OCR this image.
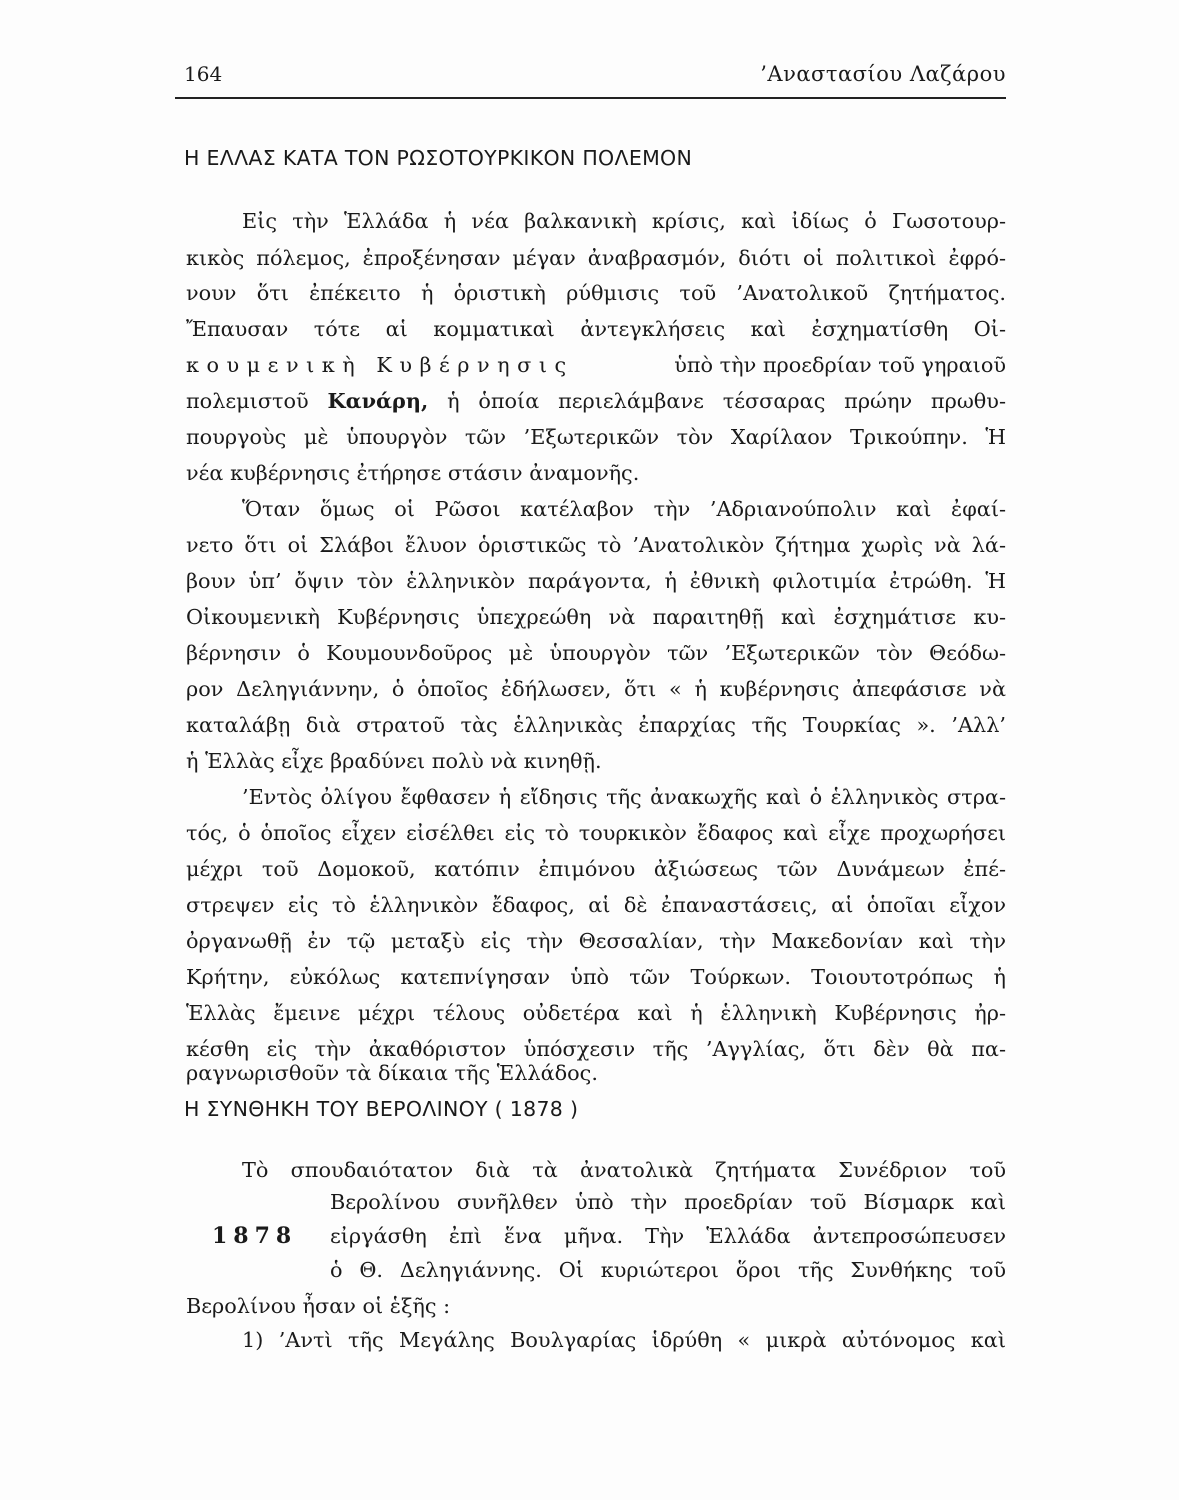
164	’Αναστασίου Λαζάρου
Η ΕΛΛΑΣ ΚΑΤΑ ΤΟΝ ΡΩΣΟΤΟΥΡΚΙΚΟΝ ΠΟΛΕΜΟΝ
Εἰς τὴν Ἑλλάδα ἡ νέα βαλκανικὴ κρίσις, καὶ ἰδίως ὁ Γωσοτουρ-
κικὸς πόλεμος, ἐπροξένησαν μέγαν ἀναβρασμόν, διότι οἱ πολιτικοὶ ἐφρό-
νουν ὅτι ἐπέκειτο ἡ ὁριστικὴ ρύθμισις τοῦ ’Ανατολικοῦ ζητήματος.
Ἔπαυσαν τότε αἱ κομματικαὶ ἀντεγκλήσεις καὶ ἐσχηματίσθη Οἰ-
κουμενικὴ Κυβέρνησις	ὑπὸ τὴν προεδρίαν τοῦ γηραιοῦ
πολεμιστοῦ Κανάρη, ἡ ὁποία περιελάμβανε τέσσαρας πρώην πρωθυ-
πουργοὺς μὲ ὑπουργὸν τῶν ’Εξωτερικῶν τὸν Χαρίλαον Τρικούπην. Ἡ
νέα κυβέρνησις ἐτήρησε στάσιν ἀναμονῆς.
Ὅταν ὅμως οἱ Ρῶσοι κατέλαβον τὴν ’Αδριανούπολιν καὶ ἐφαί-
νετο ὅτι οἱ Σλάβοι ἔλυον ὁριστικῶς τὸ ’Ανατολικὸν ζήτημα χωρὶς νὰ λά-
βουν ὑπ’ ὄψιν τὸν ἑλληνικὸν παράγοντα, ἡ ἐθνικὴ φιλοτιμία ἐτρώθη. Ἡ
Οἰκουμενικὴ Κυβέρνησις ὑπεχρεώθη νὰ παραιτηθῇ καὶ ἐσχημάτισε κυ-
βέρνησιν ὁ Κουμουνδοῦρος μὲ ὑπουργὸν τῶν ’Εξωτερικῶν τὸν Θεόδω-
ρον Δεληγιάννην, ὁ ὁποῖος ἐδήλωσεν, ὅτι « ἡ κυβέρνησις ἀπεφάσισε νὰ
καταλάβῃ διὰ στρατοῦ τὰς ἑλληνικὰς ἐπαρχίας τῆς Τουρκίας ». ’Αλλ’
ἡ Ἑλλὰς εἶχε βραδύνει πολὺ νὰ κινηθῇ.
’Εντὸς ὀλίγου ἔφθασεν ἡ εἴδησις τῆς ἀνακωχῆς καὶ ὁ ἑλληνικὸς στρα-
τός, ὁ ὁποῖος εἶχεν εἰσέλθει εἰς τὸ τουρκικὸν ἔδαφος καὶ εἶχε προχωρήσει
μέχρι τοῦ Δομοκοῦ, κατόπιν ἐπιμόνου ἀξιώσεως τῶν Δυνάμεων ἐπέ-
στρεψεν εἰς τὸ ἑλληνικὸν ἔδαφος, αἱ δὲ ἐπαναστάσεις, αἱ ὁποῖαι εἶχον
ὀργανωθῇ ἐν τῷ μεταξὺ εἰς τὴν Θεσσαλίαν, τὴν Μακεδονίαν καὶ τὴν
Κρήτην, εὐκόλως κατεπνίγησαν ὑπὸ τῶν Τούρκων. Τοιουτοτρόπως ἡ
Ἑλλὰς ἔμεινε μέχρι τέλους οὐδετέρα καὶ ἡ ἑλληνικὴ Κυβέρνησις ἠρ-
κέσθη εἰς τὴν ἀκαθόριστον ὑπόσχεσιν τῆς ’Αγγλίας, ὅτι δὲν θὰ πα-
ραγνωρισθοῦν τὰ δίκαια τῆς Ἑλλάδος.
Η ΣΥΝΘΗΚΗ ΤΟΥ ΒΕΡΟΛΙΝΟΥ ( 1878 )
Τὸ σπουδαιότατον διὰ τὰ ἀνατολικὰ ζητήματα Συνέδριον τοῦ
Βερολίνου συνῆλθεν ὑπὸ τὴν προεδρίαν τοῦ Βίσμαρκ καὶ
1878 εἰργάσθη ἐπὶ ἕνα μῆνα. Τὴν Ἑλλάδα ἀντεπροσώπευσεν
ὁ Θ. Δεληγιάννης. Οἱ κυριώτεροι ὅροι τῆς Συνθήκης τοῦ
Βερολίνου ἦσαν οἱ ἑξῆς :
1) ’Αντὶ τῆς Μεγάλης Βουλγαρίας ἱδρύθη « μικρὰ αὐτόνομος καὶ
